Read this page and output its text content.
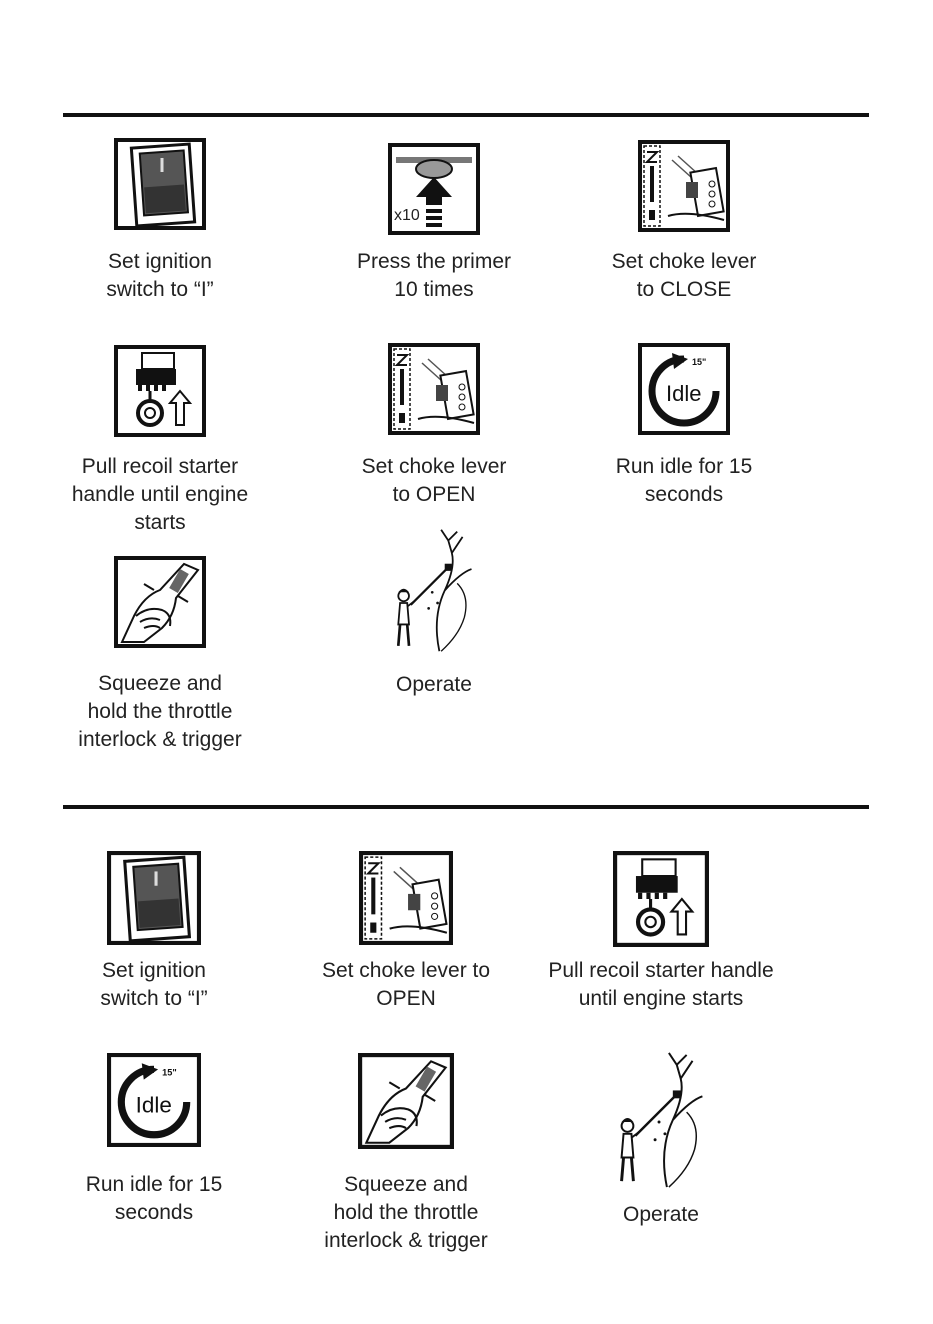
Set ignition
switch to “I”
x10
Press the primer
10 times
Set choke lever
to CLOSE
Pull recoil starter
handle until engine
starts
Set choke lever
to OPEN
Run idle for 15
seconds
Squeeze and
hold the throttle
interlock & trigger
Operate
Set ignition
switch to “I”
Set choke lever to
OPEN
Pull recoil starter handle
until engine starts
Run idle for 15
seconds
Squeeze and
hold the throttle
interlock & trigger
Operate
